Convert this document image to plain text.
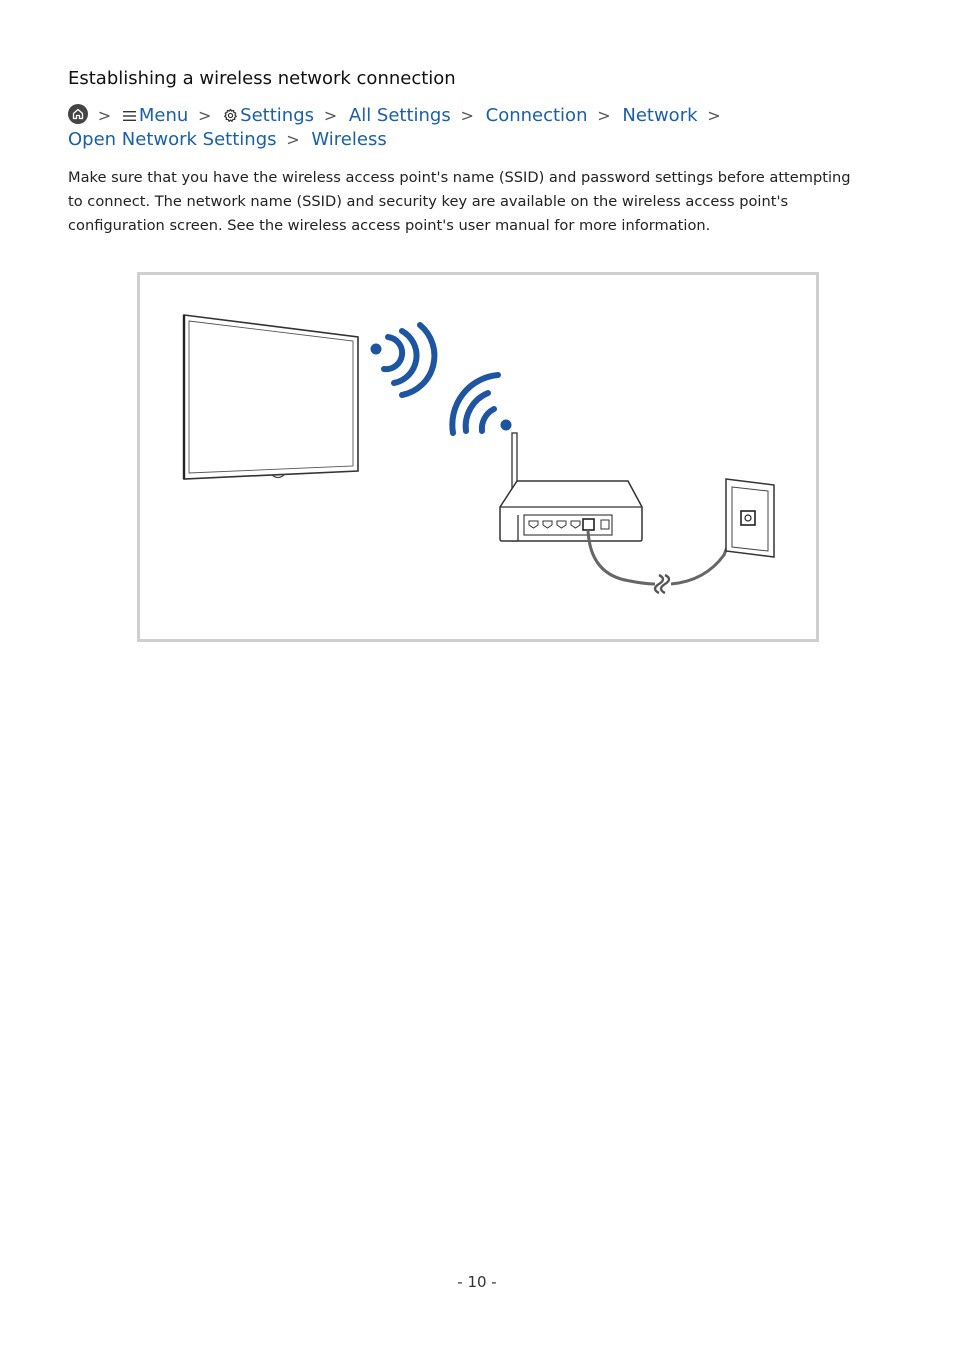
Establishing a wireless network connection
> Menu > Settings > All Settings > Connection > Network > Open Network Settings > Wireless

Make sure that you have the wireless access point's name (SSID) and password settings before attempting to connect. The network name (SSID) and security key are available on the wireless access point's configuration screen. See the wireless access point's user manual for more information.

- 10 -
